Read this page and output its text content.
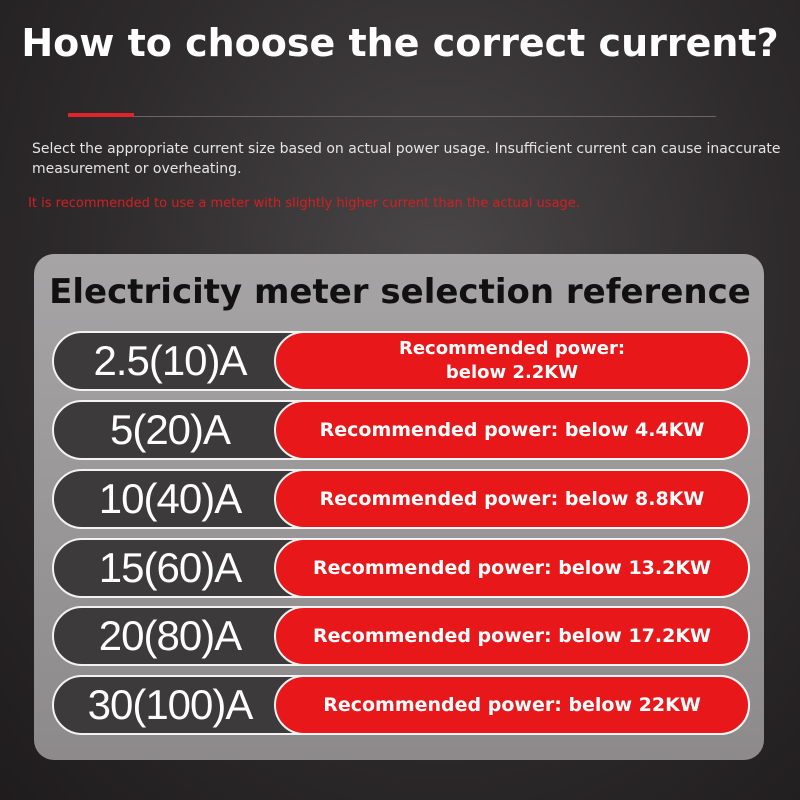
How to choose the correct current?
Select the appropriate current size based on actual power usage. Insufficient current can cause inaccurate measurement or overheating.
It is recommended to use a meter with slightly higher current than the actual usage.
Electricity meter selection reference
2.5(10)A	Recommended power: below 2.2KW
5(20)A	Recommended power: below 4.4KW
10(40)A	Recommended power: below 8.8KW
15(60)A	Recommended power: below 13.2KW
20(80)A	Recommended power: below 17.2KW
30(100)A	Recommended power: below 22KW
